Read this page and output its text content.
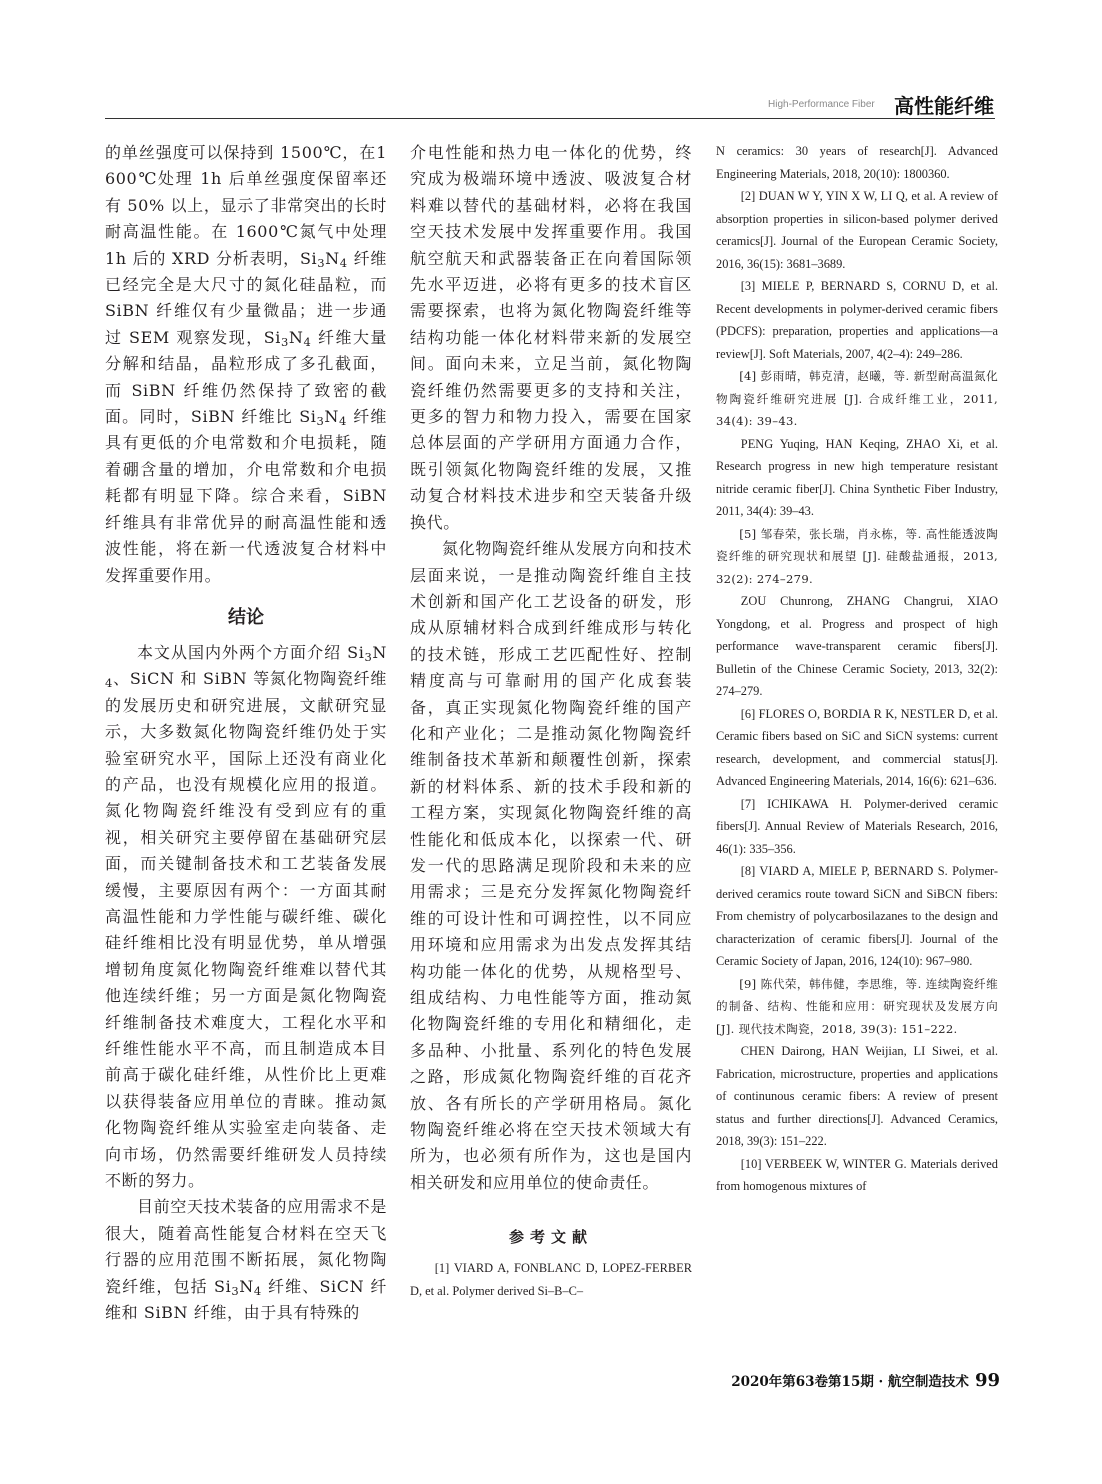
High-Performance Fiber 高性能纤维

的单丝强度可以保持到 1500℃，在1600℃处理 1h 后单丝强度保留率还有 50% 以上，显示了非常突出的长时耐高温性能。在 1600℃氮气中处理 1h 后的 XRD 分析表明，$Si_3N_4$ 纤维已经完全是大尺寸的氮化硅晶粒，而 SiBN 纤维仅有少量微晶；进一步通过 SEM 观察发现，$Si_3N_4$ 纤维大量分解和结晶，晶粒形成了多孔截面，而 SiBN 纤维仍然保持了致密的截面。同时，SiBN 纤维比 $Si_3N_4$ 纤维具有更低的介电常数和介电损耗，随着硼含量的增加，介电常数和介电损耗都有明显下降。综合来看，SiBN 纤维具有非常优异的耐高温性能和透波性能，将在新一代透波复合材料中发挥重要作用。

结论

本文从国内外两个方面介绍 $Si_3N_4$、SiCN 和 SiBN 等氮化物陶瓷纤维的发展历史和研究进展，文献研究显示，大多数氮化物陶瓷纤维仍处于实验室研究水平，国际上还没有商业化的产品，也没有规模化应用的报道。氮化物陶瓷纤维没有受到应有的重视，相关研究主要停留在基础研究层面，而关键制备技术和工艺装备发展缓慢，主要原因有两个：一方面其耐高温性能和力学性能与碳纤维、碳化硅纤维相比没有明显优势，单从增强增韧角度氮化物陶瓷纤维难以替代其他连续纤维；另一方面是氮化物陶瓷纤维制备技术难度大，工程化水平和纤维性能水平不高，而且制造成本目前高于碳化硅纤维，从性价比上更难以获得装备应用单位的青睐。推动氮化物陶瓷纤维从实验室走向装备、走向市场，仍然需要纤维研发人员持续不断的努力。

目前空天技术装备的应用需求不是很大，随着高性能复合材料在空天飞行器的应用范围不断拓展，氮化物陶瓷纤维，包括 $Si_3N_4$ 纤维、SiCN 纤维和 SiBN 纤维，由于具有特殊的

介电性能和热力电一体化的优势，终究成为极端环境中透波、吸波复合材料难以替代的基础材料，必将在我国空天技术发展中发挥重要作用。我国航空航天和武器装备正在向着国际领先水平迈进，必将有更多的技术盲区需要探索，也将为氮化物陶瓷纤维等结构功能一体化材料带来新的发展空间。面向未来，立足当前，氮化物陶瓷纤维仍然需要更多的支持和关注，更多的智力和物力投入，需要在国家总体层面的产学研用方面通力合作，既引领氮化物陶瓷纤维的发展，又推动复合材料技术进步和空天装备升级换代。

氮化物陶瓷纤维从发展方向和技术层面来说，一是推动陶瓷纤维自主技术创新和国产化工艺设备的研发，形成从原辅材料合成到纤维成形与转化的技术链，形成工艺匹配性好、控制精度高与可靠耐用的国产化成套装备，真正实现氮化物陶瓷纤维的国产化和产业化；二是推动氮化物陶瓷纤维制备技术革新和颠覆性创新，探索新的材料体系、新的技术手段和新的工程方案，实现氮化物陶瓷纤维的高性能化和低成本化，以探索一代、研发一代的思路满足现阶段和未来的应用需求；三是充分发挥氮化物陶瓷纤维的可设计性和可调控性，以不同应用环境和应用需求为出发点发挥其结构功能一体化的优势，从规格型号、组成结构、力电性能等方面，推动氮化物陶瓷纤维的专用化和精细化，走多品种、小批量、系列化的特色发展之路，形成氮化物陶瓷纤维的百花齐放、各有所长的产学研用格局。氮化物陶瓷纤维必将在空天技术领域大有所为，也必须有所作为，这也是国内相关研发和应用单位的使命责任。

参考文献

[1] VIARD A, FONBLANC D, LOPEZ-FERBER D, et al. Polymer derived Si–B–C–

N ceramics: 30 years of research[J]. Advanced Engineering Materials, 2018, 20(10): 1800360.

[2] DUAN W Y, YIN X W, LI Q, et al. A review of absorption properties in silicon-based polymer derived ceramics[J]. Journal of the European Ceramic Society, 2016, 36(15): 3681–3689.

[3] MIELE P, BERNARD S, CORNU D, et al. Recent developments in polymer-derived ceramic fibers (PDCFS): preparation, properties and applications—a review[J]. Soft Materials, 2007, 4(2–4): 249–286.

[4] 彭雨晴，韩克清，赵曦，等. 新型耐高温氮化物陶瓷纤维研究进展 [J]. 合成纤维工业，2011, 34(4): 39–43.

PENG Yuqing, HAN Keqing, ZHAO Xi, et al. Research progress in new high temperature resistant nitride ceramic fiber[J]. China Synthetic Fiber Industry, 2011, 34(4): 39–43.

[5] 邹春荣，张长瑞，肖永栋，等. 高性能透波陶瓷纤维的研究现状和展望 [J]. 硅酸盐通报，2013, 32(2): 274–279.

ZOU Chunrong, ZHANG Changrui, XIAO Yongdong, et al. Progress and prospect of high performance wave-transparent ceramic fibers[J]. Bulletin of the Chinese Ceramic Society, 2013, 32(2): 274–279.

[6] FLORES O, BORDIA R K, NESTLER D, et al. Ceramic fibers based on SiC and SiCN systems: current research, development, and commercial status[J]. Advanced Engineering Materials, 2014, 16(6): 621–636.

[7] ICHIKAWA H. Polymer-derived ceramic fibers[J]. Annual Review of Materials Research, 2016, 46(1): 335–356.

[8] VIARD A, MIELE P, BERNARD S. Polymer-derived ceramics route toward SiCN and SiBCN fibers: From chemistry of polycarbosilazanes to the design and characterization of ceramic fibers[J]. Journal of the Ceramic Society of Japan, 2016, 124(10): 967–980.

[9] 陈代荣，韩伟健，李思维，等. 连续陶瓷纤维的制备、结构、性能和应用：研究现状及发展方向 [J]. 现代技术陶瓷，2018, 39(3): 151–222.

CHEN Dairong, HAN Weijian, LI Siwei, et al. Fabrication, microstructure, properties and applications of continunous ceramic fibers: A review of present status and further directions[J]. Advanced Ceramics, 2018, 39(3): 151–222.

[10] VERBEEK W, WINTER G. Materials derived from homogenous mixtures of

2020年第63卷第15期 · 航空制造技术 99
